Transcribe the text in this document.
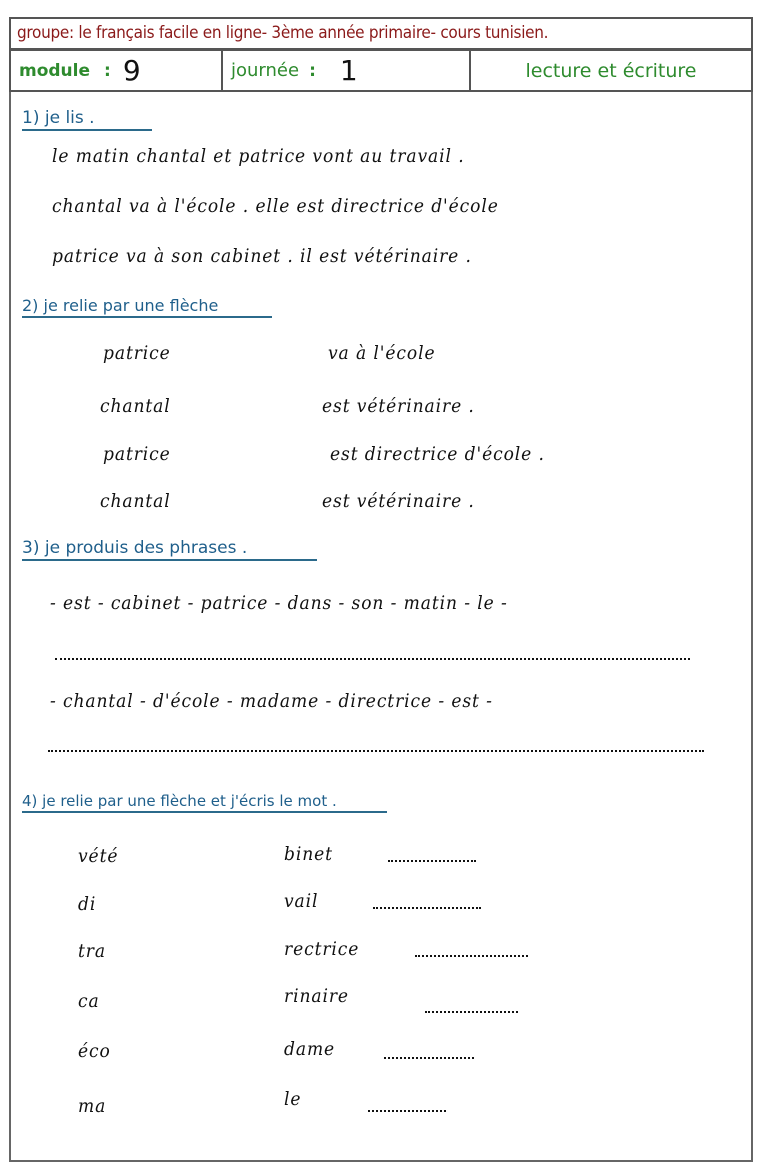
groupe: le français facile en ligne- 3ème année primaire- cours tunisien.
module : 9	journée : 1	lecture et écriture
1) je lis .
le matin chantal et patrice vont au travail .
chantal va à l'école . elle est directrice d'école
patrice va à son cabinet . il est vétérinaire .
2) je relie par une flèche
patrice
chantal
patrice
chantal
va à l'école
est vétérinaire .
est directrice d'école .
est vétérinaire .
3) je produis des phrases .
- est - cabinet - patrice - dans - son - matin - le -
- chantal - d'école - madame - directrice - est -
4) je relie par une flèche et j'écris le mot .
vété
di
tra
ca
éco
ma
binet
vail
rectrice
rinaire
dame
le
